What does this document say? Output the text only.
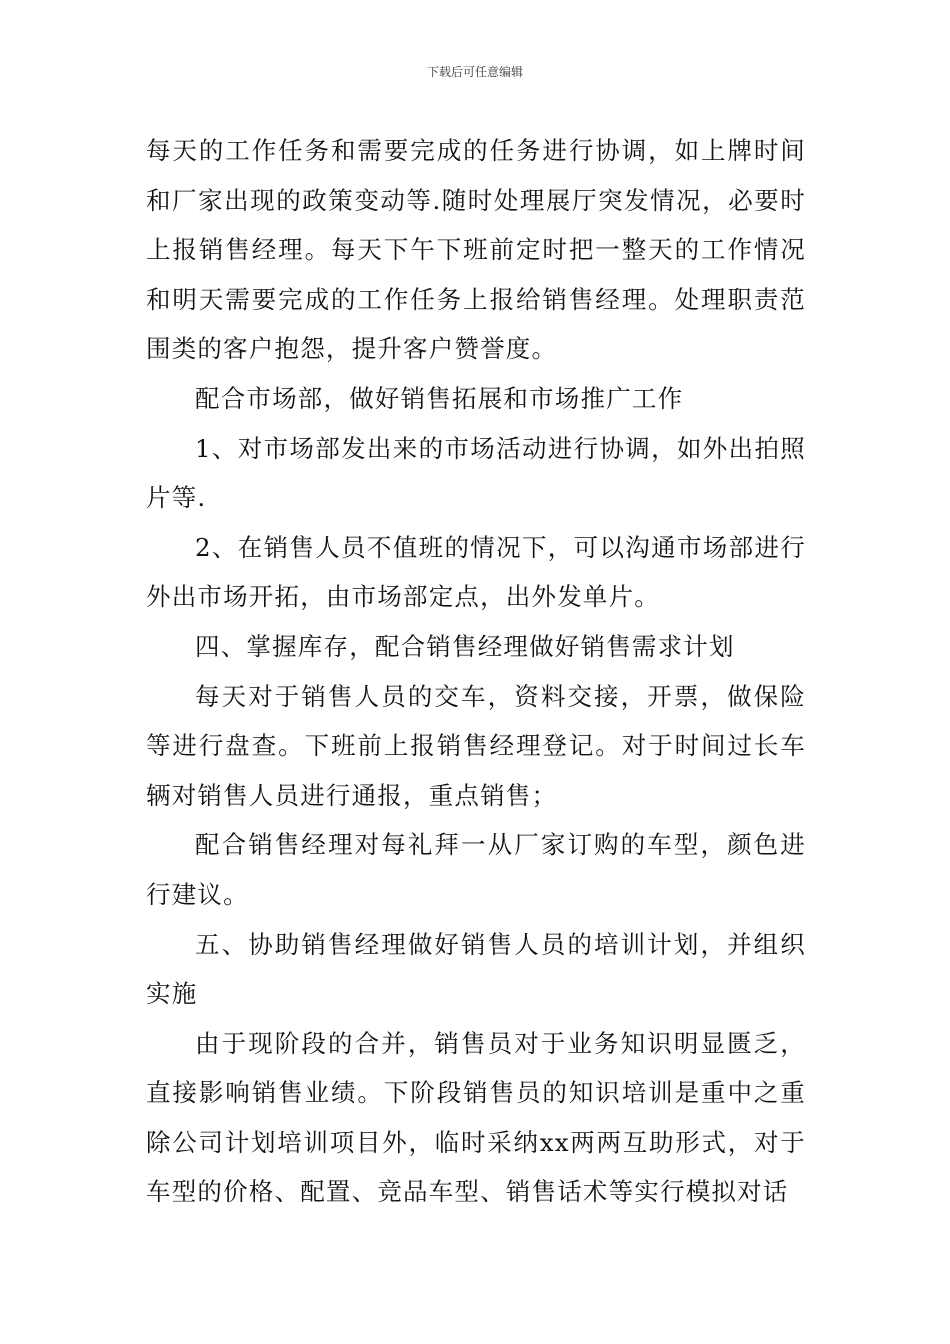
下载后可任意编辑

每天的工作任务和需要完成的任务进行协调，如上牌时间和厂家出现的政策变动等.随时处理展厅突发情况，必要时上报销售经理。每天下午下班前定时把一整天的工作情况和明天需要完成的工作任务上报给销售经理。处理职责范围类的客户抱怨，提升客户赞誉度。

配合市场部，做好销售拓展和市场推广工作

1、对市场部发出来的市场活动进行协调，如外出拍照片等.

2、在销售人员不值班的情况下，可以沟通市场部进行外出市场开拓，由市场部定点，出外发单片。

四、掌握库存，配合销售经理做好销售需求计划

每天对于销售人员的交车，资料交接，开票，做保险等进行盘查。下班前上报销售经理登记。对于时间过长车辆对销售人员进行通报，重点销售；

配合销售经理对每礼拜一从厂家订购的车型，颜色进行建议。

五、协助销售经理做好销售人员的培训计划，并组织实施

由于现阶段的合并，销售员对于业务知识明显匮乏，直接影响销售业绩。下阶段销售员的知识培训是重中之重除公司计划培训项目外，临时采纳xx两两互助形式，对于车型的价格、配置、竞品车型、销售话术等实行模拟对话
